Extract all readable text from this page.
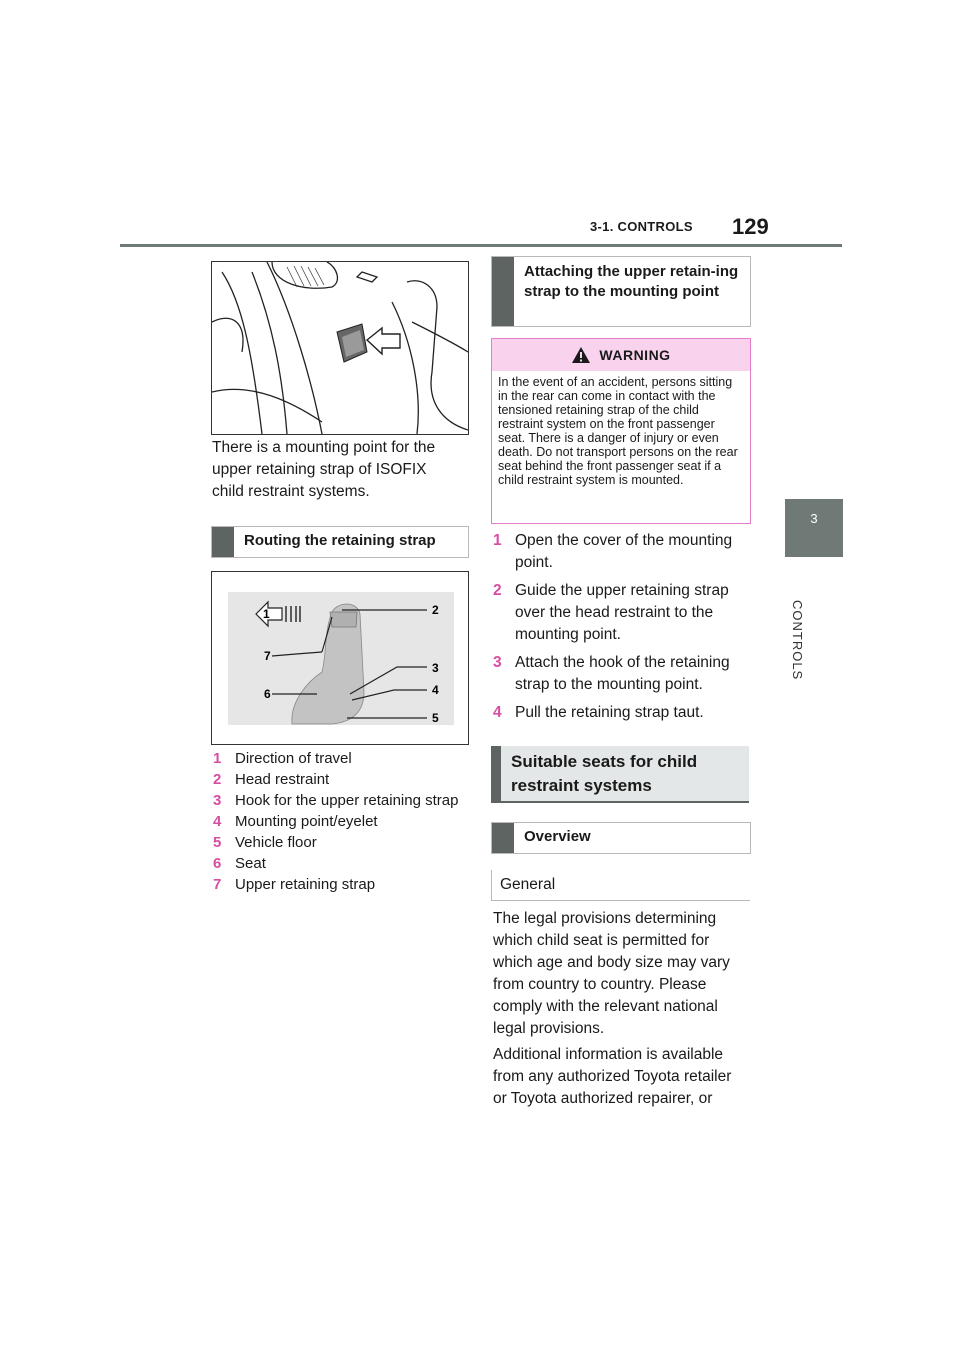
3-1. CONTROLS 129
3
CONTROLS
There is a mounting point for the upper retaining strap of ISOFIX child restraint systems.
Routing the retaining strap
1	2
3
4
5
6
7
1 Direction of travel
2 Head restraint
3 Hook for the upper retaining strap
4 Mounting point/eyelet
5 Vehicle floor
6 Seat
7 Upper retaining strap
Attaching the upper retain-ing strap to the mounting point
WARNING
In the event of an accident, persons sitting in the rear can come in contact with the tensioned retaining strap of the child restraint system on the front passenger seat. There is a danger of injury or even death. Do not transport persons on the rear seat behind the front passenger seat if a child restraint system is mounted.
1 Open the cover of the mounting point.
2 Guide the upper retaining strap over the head restraint to the mounting point.
3 Attach the hook of the retaining strap to the mounting point.
4 Pull the retaining strap taut.
Suitable seats for child restraint systems
Overview
General
The legal provisions determining which child seat is permitted for which age and body size may vary from country to country. Please comply with the relevant national legal provisions.
Additional information is available from any authorized Toyota retailer or Toyota authorized repairer, or
